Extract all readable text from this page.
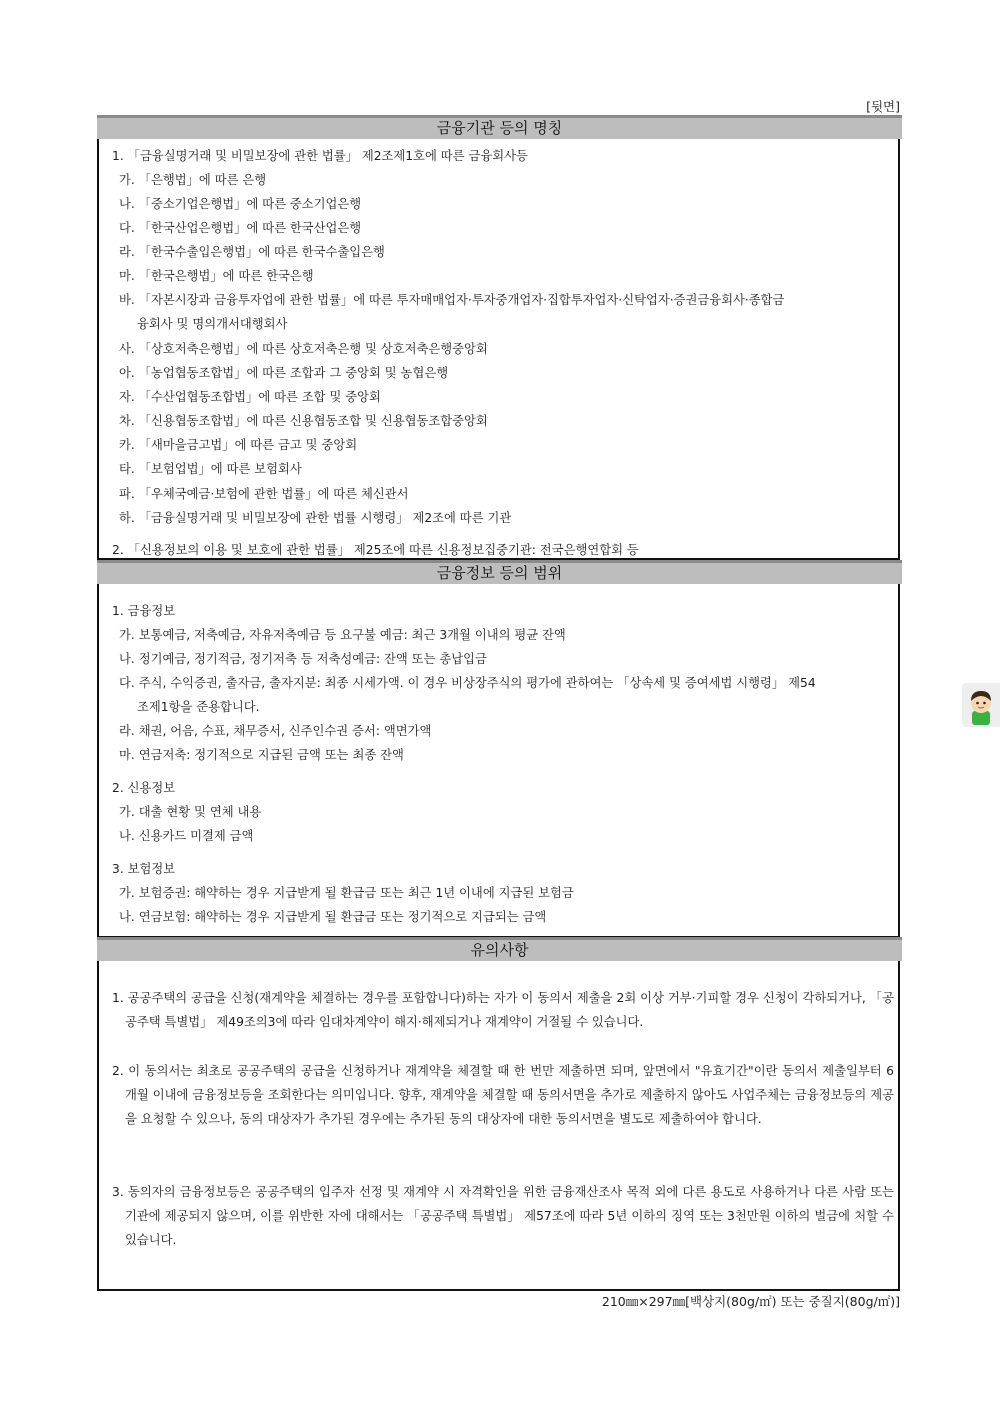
[뒷면]
금융기관 등의 명칭
1. 「금융실명거래 및 비밀보장에 관한 법률」 제2조제1호에 따른 금융회사등
가. 「은행법」에 따른 은행
나. 「중소기업은행법」에 따른 중소기업은행
다. 「한국산업은행법」에 따른 한국산업은행
라. 「한국수출입은행법」에 따른 한국수출입은행
마. 「한국은행법」에 따른 한국은행
바. 「자본시장과 금융투자업에 관한 법률」에 따른 투자매매업자·투자중개업자·집합투자업자·신탁업자·증권금융회사·종합금
융회사 및 명의개서대행회사
사. 「상호저축은행법」에 따른 상호저축은행 및 상호저축은행중앙회
아. 「농업협동조합법」에 따른 조합과 그 중앙회 및 농협은행
자. 「수산업협동조합법」에 따른 조합 및 중앙회
차. 「신용협동조합법」에 따른 신용협동조합 및 신용협동조합중앙회
카. 「새마을금고법」에 따른 금고 및 중앙회
타. 「보험업법」에 따른 보험회사
파. 「우체국예금·보험에 관한 법률」에 따른 체신관서
하. 「금융실명거래 및 비밀보장에 관한 법률 시행령」 제2조에 따른 기관
2. 「신용정보의 이용 및 보호에 관한 법률」 제25조에 따른 신용정보집중기관: 전국은행연합회 등
금융정보 등의 범위
1. 금융정보
가. 보통예금, 저축예금, 자유저축예금 등 요구불 예금: 최근 3개월 이내의 평균 잔액
나. 정기예금, 정기적금, 정기저축 등 저축성예금: 잔액 또는 총납입금
다. 주식, 수익증권, 출자금, 출자지분: 최종 시세가액. 이 경우 비상장주식의 평가에 관하여는 「상속세 및 증여세법 시행령」 제54
조제1항을 준용합니다.
라. 채권, 어음, 수표, 채무증서, 신주인수권 증서: 액면가액
마. 연금저축: 정기적으로 지급된 금액 또는 최종 잔액
2. 신용정보
가. 대출 현황 및 연체 내용
나. 신용카드 미결제 금액
3. 보험정보
가. 보험증권: 해약하는 경우 지급받게 될 환급금 또는 최근 1년 이내에 지급된 보험금
나. 연금보험: 해약하는 경우 지급받게 될 환급금 또는 정기적으로 지급되는 금액
유의사항

1. 공공주택의 공급을 신청(재계약을 체결하는 경우를 포함합니다)하는 자가 이 동의서 제출을 2회 이상 거부·기피할 경우 신청이 각하되거나, 「공공주택 특별법」 제49조의3에 따라 임대차계약이 해지·해제되거나 재계약이 거절될 수 있습니다.

2. 이 동의서는 최초로 공공주택의 공급을 신청하거나 재계약을 체결할 때 한 번만 제출하면 되며, 앞면에서 "유효기간"이란 동의서 제출일부터 6개월 이내에 금융정보등을 조회한다는 의미입니다. 향후, 재계약을 체결할 때 동의서면을 추가로 제출하지 않아도 사업주체는 금융정보등의 제공을 요청할 수 있으나, 동의 대상자가 추가된 경우에는 추가된 동의 대상자에 대한 동의서면을 별도로 제출하여야 합니다.

3. 동의자의 금융정보등은 공공주택의 입주자 선정 및 재계약 시 자격확인을 위한 금융재산조사 목적 외에 다른 용도로 사용하거나 다른 사람 또는 기관에 제공되지 않으며, 이를 위반한 자에 대해서는 「공공주택 특별법」 제57조에 따라 5년 이하의 징역 또는 3천만원 이하의 벌금에 처할 수 있습니다.

210㎜×297㎜[백상지(80g/㎡) 또는 중질지(80g/㎡)]
